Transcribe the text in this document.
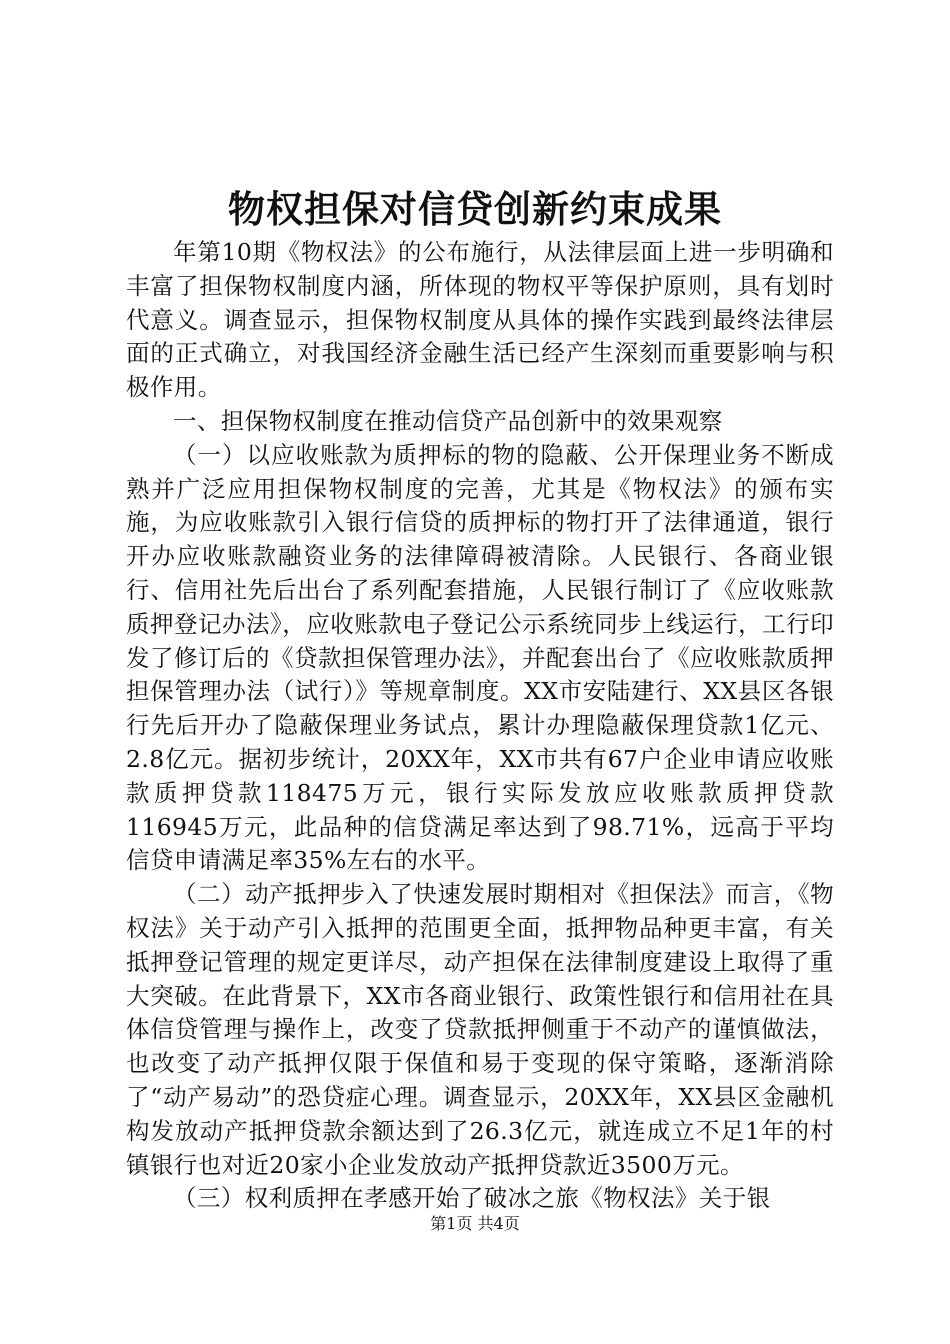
物权担保对信贷创新约束成果

年第10期《物权法》的公布施行，从法律层面上进一步明确和丰富了担保物权制度内涵，所体现的物权平等保护原则，具有划时代意义。调查显示，担保物权制度从具体的操作实践到最终法律层面的正式确立，对我国经济金融生活已经产生深刻而重要影响与积极作用。

一、担保物权制度在推动信贷产品创新中的效果观察

（一）以应收账款为质押标的物的隐蔽、公开保理业务不断成熟并广泛应用担保物权制度的完善，尤其是《物权法》的颁布实施，为应收账款引入银行信贷的质押标的物打开了法律通道，银行开办应收账款融资业务的法律障碍被清除。人民银行、各商业银行、信用社先后出台了系列配套措施，人民银行制订了《应收账款质押登记办法》，应收账款电子登记公示系统同步上线运行，工行印发了修订后的《贷款担保管理办法》，并配套出台了《应收账款质押担保管理办法（试行）》等规章制度。XX市安陆建行、XX县区各银行先后开办了隐蔽保理业务试点，累计办理隐蔽保理贷款1亿元、2.8亿元。据初步统计，20XX年，XX市共有67户企业申请应收账款质押贷款118475万元，银行实际发放应收账款质押贷款116945万元，此品种的信贷满足率达到了98.71%，远高于平均信贷申请满足率35%左右的水平。

（二）动产抵押步入了快速发展时期相对《担保法》而言，《物权法》关于动产引入抵押的范围更全面，抵押物品种更丰富，有关抵押登记管理的规定更详尽，动产担保在法律制度建设上取得了重大突破。在此背景下，XX市各商业银行、政策性银行和信用社在具体信贷管理与操作上，改变了贷款抵押侧重于不动产的谨慎做法，也改变了动产抵押仅限于保值和易于变现的保守策略，逐渐消除了“动产易动”的恐贷症心理。调查显示，20XX年，XX县区金融机构发放动产抵押贷款余额达到了26.3亿元，就连成立不足1年的村镇银行也对近20家小企业发放动产抵押贷款近3500万元。

（三）权利质押在孝感开始了破冰之旅《物权法》关于银

第1页 共4页
